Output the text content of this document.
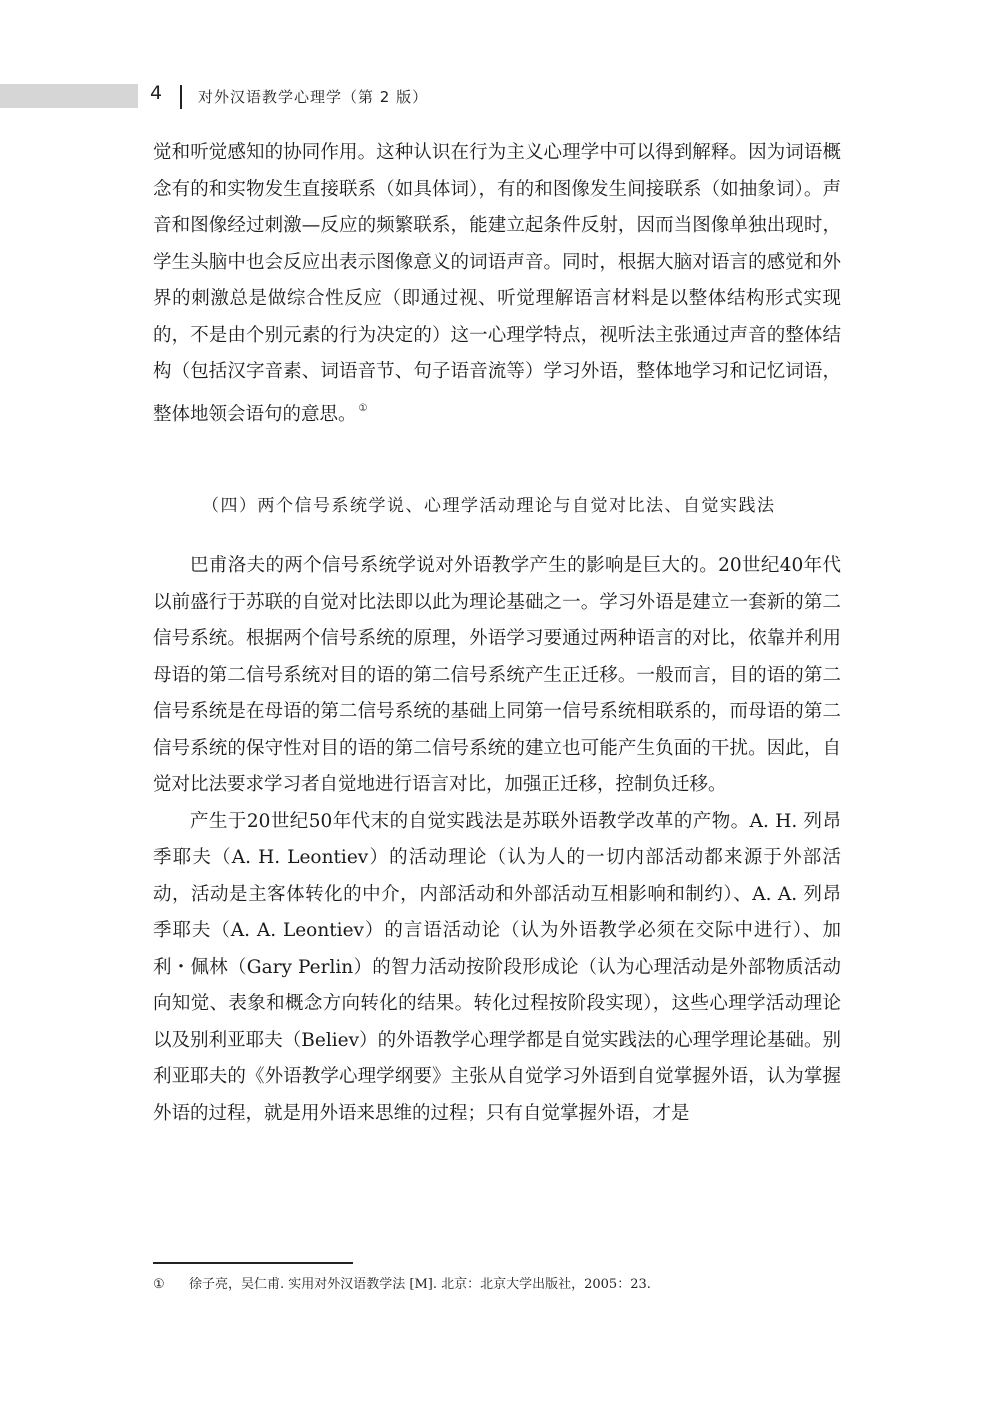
4 对外汉语教学心理学（第 2 版）

觉和听觉感知的协同作用。这种认识在行为主义心理学中可以得到解释。因为词语概念有的和实物发生直接联系（如具体词），有的和图像发生间接联系（如抽象词）。声音和图像经过刺激—反应的频繁联系，能建立起条件反射，因而当图像单独出现时，学生头脑中也会反应出表示图像意义的词语声音。同时，根据大脑对语言的感觉和外界的刺激总是做综合性反应（即通过视、听觉理解语言材料是以整体结构形式实现的，不是由个别元素的行为决定的）这一心理学特点，视听法主张通过声音的整体结构（包括汉字音素、词语音节、句子语音流等）学习外语，整体地学习和记忆词语，整体地领会语句的意思。 ①

（四）两个信号系统学说、心理学活动理论与自觉对比法、自觉实践法

巴甫洛夫的两个信号系统学说对外语教学产生的影响是巨大的。20世纪40年代以前盛行于苏联的自觉对比法即以此为理论基础之一。学习外语是建立一套新的第二信号系统。根据两个信号系统的原理，外语学习要通过两种语言的对比，依靠并利用母语的第二信号系统对目的语的第二信号系统产生正迁移。一般而言，目的语的第二信号系统是在母语的第二信号系统的基础上同第一信号系统相联系的，而母语的第二信号系统的保守性对目的语的第二信号系统的建立也可能产生负面的干扰。因此，自觉对比法要求学习者自觉地进行语言对比，加强正迁移，控制负迁移。

产生于20世纪50年代末的自觉实践法是苏联外语教学改革的产物。A. H. 列昂季耶夫（A. H. Leontiev）的活动理论（认为人的一切内部活动都来源于外部活动，活动是主客体转化的中介，内部活动和外部活动互相影响和制约）、A. A. 列昂季耶夫（A. A. Leontiev）的言语活动论（认为外语教学必须在交际中进行）、加利・佩林（Gary Perlin）的智力活动按阶段形成论（认为心理活动是外部物质活动向知觉、表象和概念方向转化的结果。转化过程按阶段实现），这些心理学活动理论以及别利亚耶夫（Believ）的外语教学心理学都是自觉实践法的心理学理论基础。别利亚耶夫的《外语教学心理学纲要》主张从自觉学习外语到自觉掌握外语，认为掌握外语的过程，就是用外语来思维的过程；只有自觉掌握外语，才是

① 徐子亮，吴仁甫. 实用对外汉语教学法 [M]. 北京：北京大学出版社，2005：23.
